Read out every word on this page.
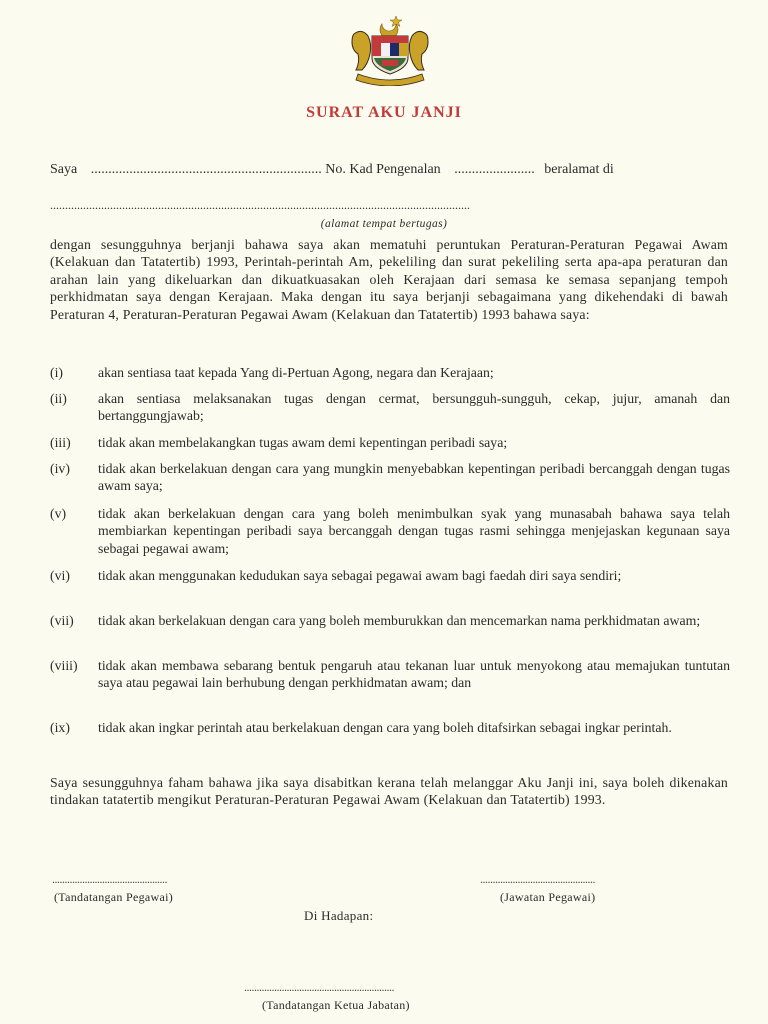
SURAT AKU JANJI
Saya .................................................................. No. Kad Pengenalan ....................... beralamat di
............................................................................................................................................
(alamat tempat bertugas)
dengan sesungguhnya berjanji bahawa saya akan mematuhi peruntukan Peraturan-Peraturan Pegawai Awam (Kelakuan dan Tatatertib) 1993, Perintah-perintah Am, pekeliling dan surat pekeliling serta apa-apa peraturan dan arahan lain yang dikeluarkan dan dikuatkuasakan oleh Kerajaan dari semasa ke semasa sepanjang tempoh perkhidmatan saya dengan Kerajaan. Maka dengan itu saya berjanji sebagaimana yang dikehendaki di bawah Peraturan 4, Peraturan-Peraturan Pegawai Awam (Kelakuan dan Tatatertib) 1993 bahawa saya:
(i)	akan sentiasa taat kepada Yang di-Pertuan Agong, negara dan Kerajaan;
(ii)	akan sentiasa melaksanakan tugas dengan cermat, bersungguh-sungguh, cekap, jujur, amanah dan bertanggungjawab;
(iii)	tidak akan membelakangkan tugas awam demi kepentingan peribadi saya;
(iv)	tidak akan berkelakuan dengan cara yang mungkin menyebabkan kepentingan peribadi bercanggah dengan tugas awam saya;
(v)	tidak akan berkelakuan dengan cara yang boleh menimbulkan syak yang munasabah bahawa saya telah membiarkan kepentingan peribadi saya bercanggah dengan tugas rasmi sehingga menjejaskan kegunaan saya sebagai pegawai awam;
(vi)	tidak akan menggunakan kedudukan saya sebagai pegawai awam bagi faedah diri saya sendiri;
(vii)	tidak akan berkelakuan dengan cara yang boleh memburukkan dan mencemarkan nama perkhidmatan awam;
(viii)	tidak akan membawa sebarang bentuk pengaruh atau tekanan luar untuk menyokong atau memajukan tuntutan saya atau pegawai lain berhubung dengan perkhidmatan awam; dan
(ix)	tidak akan ingkar perintah atau berkelakuan dengan cara yang boleh ditafsirkan sebagai ingkar perintah.
Saya sesungguhnya faham bahawa jika saya disabitkan kerana telah melanggar Aku Janji ini, saya boleh dikenakan tindakan tatatertib mengikut Peraturan-Peraturan Pegawai Awam (Kelakuan dan Tatatertib) 1993.
..............................................
(Tandatangan Pegawai)
..............................................
(Jawatan Pegawai)
Di Hadapan:
............................................................
(Tandatangan Ketua Jabatan)
